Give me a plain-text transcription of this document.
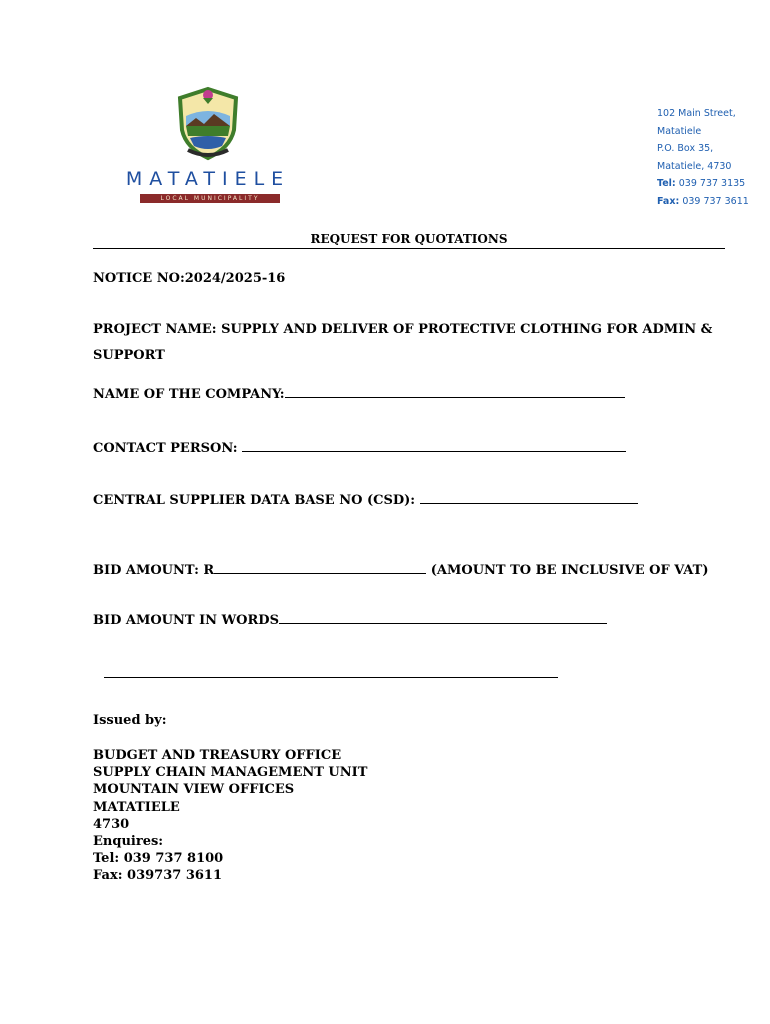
MATATIELE
LOCAL MUNICIPALITY
102 Main Street,
Matatiele
P.O. Box 35,
Matatiele, 4730
Tel: 039 737 3135
Fax: 039 737 3611
REQUEST FOR QUOTATIONS
NOTICE NO:2024/2025-16
PROJECT NAME: SUPPLY AND DELIVER OF PROTECTIVE CLOTHING FOR ADMIN &
SUPPORT
NAME OF THE COMPANY:
CONTACT PERSON:
CENTRAL SUPPLIER DATA BASE NO (CSD):
BID AMOUNT: R	(AMOUNT TO BE INCLUSIVE OF VAT)
BID AMOUNT IN WORDS
Issued by:
BUDGET AND TREASURY OFFICE
SUPPLY CHAIN MANAGEMENT UNIT
MOUNTAIN VIEW OFFICES
MATATIELE
4730
Enquires:
Tel: 039 737 8100
Fax: 039737 3611
